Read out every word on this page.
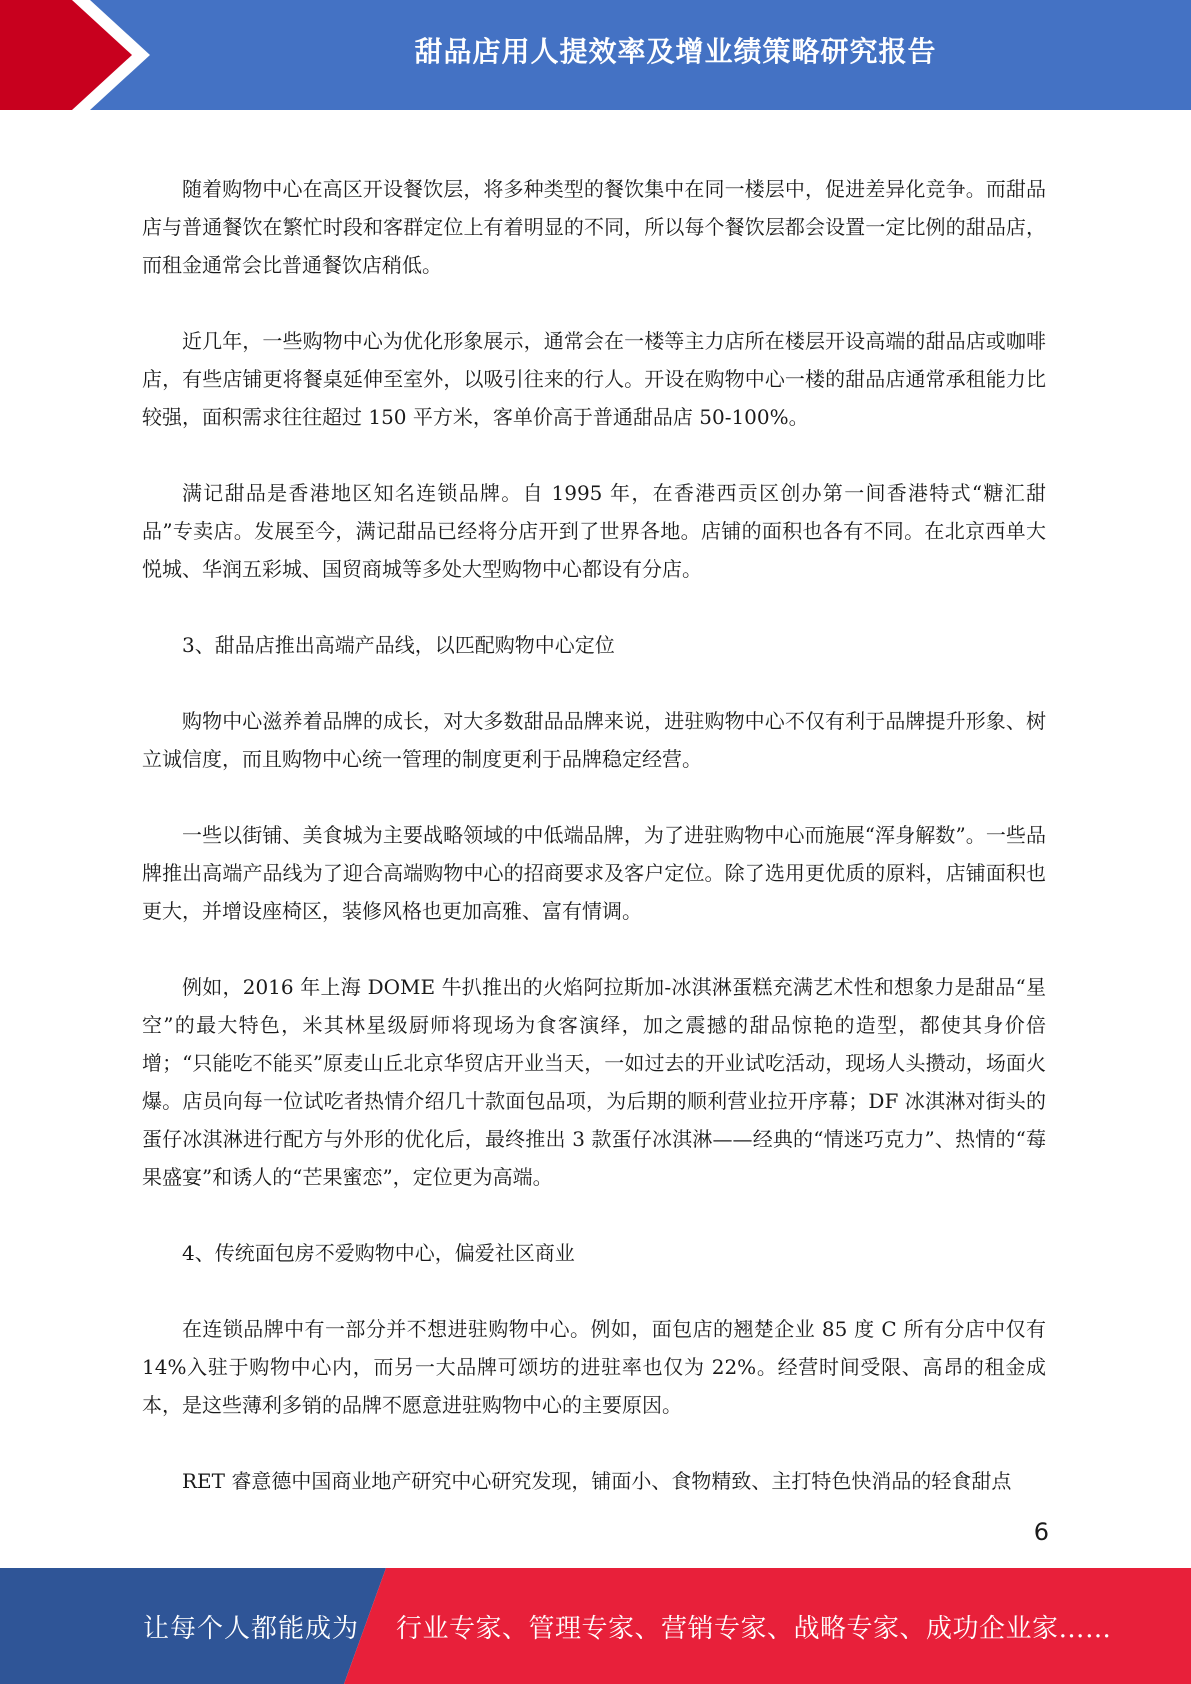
甜品店用人提效率及增业绩策略研究报告

随着购物中心在高区开设餐饮层，将多种类型的餐饮集中在同一楼层中，促进差异化竞争。而甜品店与普通餐饮在繁忙时段和客群定位上有着明显的不同，所以每个餐饮层都会设置一定比例的甜品店，而租金通常会比普通餐饮店稍低。

近几年，一些购物中心为优化形象展示，通常会在一楼等主力店所在楼层开设高端的甜品店或咖啡店，有些店铺更将餐桌延伸至室外，以吸引往来的行人。开设在购物中心一楼的甜品店通常承租能力比较强，面积需求往往超过 150 平方米，客单价高于普通甜品店 50-100%。

满记甜品是香港地区知名连锁品牌。自 1995 年，在香港西贡区创办第一间香港特式“糖汇甜品”专卖店。发展至今，满记甜品已经将分店开到了世界各地。店铺的面积也各有不同。在北京西单大悦城、华润五彩城、国贸商城等多处大型购物中心都设有分店。

3、甜品店推出高端产品线，以匹配购物中心定位

购物中心滋养着品牌的成长，对大多数甜品品牌来说，进驻购物中心不仅有利于品牌提升形象、树立诚信度，而且购物中心统一管理的制度更利于品牌稳定经营。

一些以街铺、美食城为主要战略领域的中低端品牌，为了进驻购物中心而施展“浑身解数”。一些品牌推出高端产品线为了迎合高端购物中心的招商要求及客户定位。除了选用更优质的原料，店铺面积也更大，并增设座椅区，装修风格也更加高雅、富有情调。

例如，2016 年上海 DOME 牛扒推出的火焰阿拉斯加-冰淇淋蛋糕充满艺术性和想象力是甜品“星空”的最大特色，米其林星级厨师将现场为食客演绎，加之震撼的甜品惊艳的造型，都使其身价倍增；“只能吃不能买”原麦山丘北京华贸店开业当天，一如过去的开业试吃活动，现场人头攒动，场面火爆。店员向每一位试吃者热情介绍几十款面包品项，为后期的顺利营业拉开序幕；DF 冰淇淋对街头的蛋仔冰淇淋进行配方与外形的优化后，最终推出 3 款蛋仔冰淇淋——经典的“情迷巧克力”、热情的“莓果盛宴”和诱人的“芒果蜜恋”，定位更为高端。

4、传统面包房不爱购物中心，偏爱社区商业

在连锁品牌中有一部分并不想进驻购物中心。例如，面包店的翘楚企业 85 度 C 所有分店中仅有 14%入驻于购物中心内，而另一大品牌可颂坊的进驻率也仅为 22%。经营时间受限、高昂的租金成本，是这些薄利多销的品牌不愿意进驻购物中心的主要原因。

RET 睿意德中国商业地产研究中心研究发现，铺面小、食物精致、主打特色快消品的轻食甜点

6
让每个人都能成为 行业专家、管理专家、营销专家、战略专家、成功企业家……
